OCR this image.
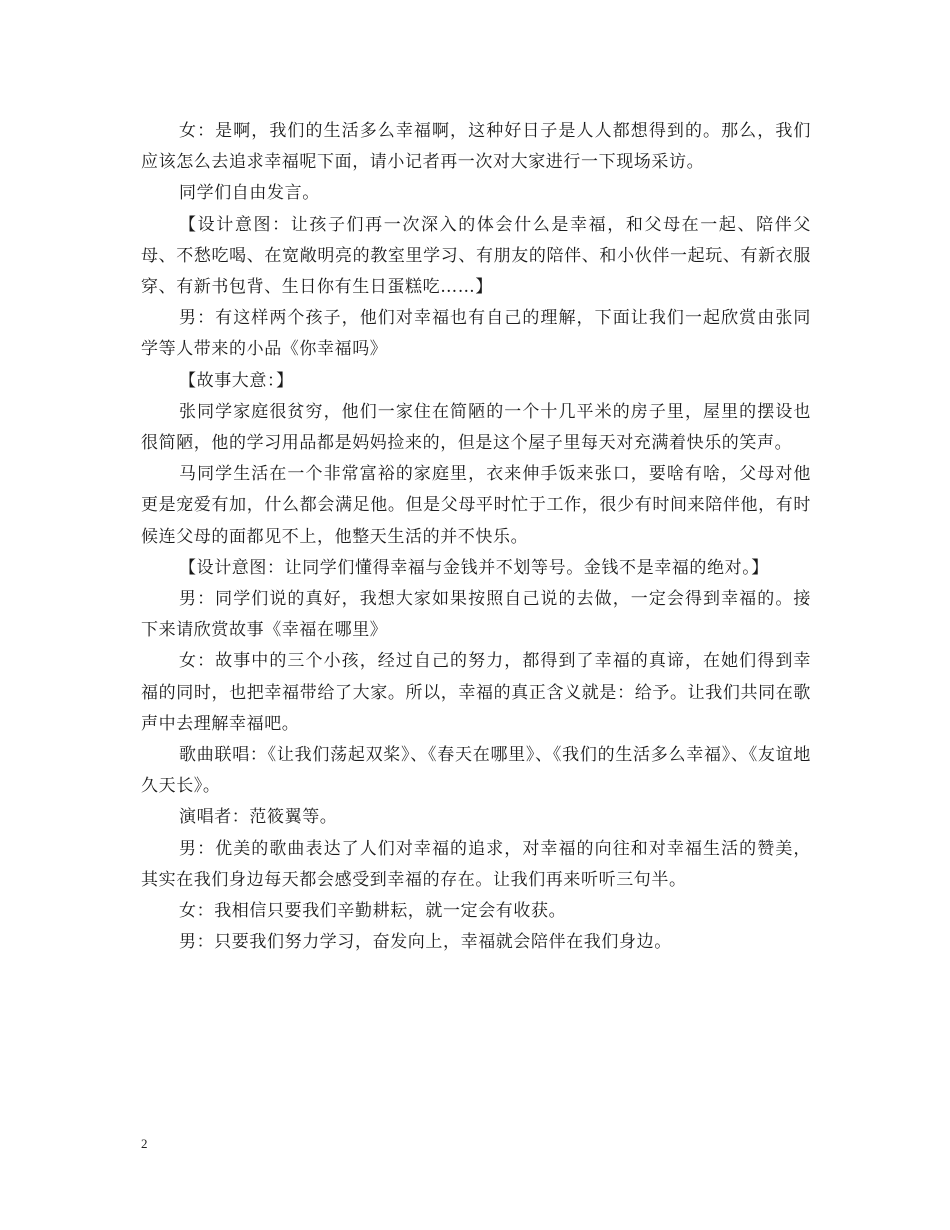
女：是啊，我们的生活多么幸福啊，这种好日子是人人都想得到的。那么，我们应该怎么去追求幸福呢下面，请小记者再一次对大家进行一下现场采访。

同学们自由发言。

【设计意图：让孩子们再一次深入的体会什么是幸福，和父母在一起、陪伴父母、不愁吃喝、在宽敞明亮的教室里学习、有朋友的陪伴、和小伙伴一起玩、有新衣服穿、有新书包背、生日你有生日蛋糕吃……】

男：有这样两个孩子，他们对幸福也有自己的理解，下面让我们一起欣赏由张同学等人带来的小品《你幸福吗》

【故事大意：】

张同学家庭很贫穷，他们一家住在简陋的一个十几平米的房子里，屋里的摆设也很简陋，他的学习用品都是妈妈捡来的，但是这个屋子里每天对充满着快乐的笑声。

马同学生活在一个非常富裕的家庭里，衣来伸手饭来张口，要啥有啥，父母对他更是宠爱有加，什么都会满足他。但是父母平时忙于工作，很少有时间来陪伴他，有时候连父母的面都见不上，他整天生活的并不快乐。

【设计意图：让同学们懂得幸福与金钱并不划等号。金钱不是幸福的绝对。】

男：同学们说的真好，我想大家如果按照自己说的去做，一定会得到幸福的。接下来请欣赏故事《幸福在哪里》

女：故事中的三个小孩，经过自己的努力，都得到了幸福的真谛，在她们得到幸福的同时，也把幸福带给了大家。所以，幸福的真正含义就是：给予。让我们共同在歌声中去理解幸福吧。

歌曲联唱：《让我们荡起双桨》、《春天在哪里》、《我们的生活多么幸福》、《友谊地久天长》。

演唱者：范筱翼等。

男：优美的歌曲表达了人们对幸福的追求，对幸福的向往和对幸福生活的赞美，其实在我们身边每天都会感受到幸福的存在。让我们再来听听三句半。

女：我相信只要我们辛勤耕耘，就一定会有收获。

男：只要我们努力学习，奋发向上，幸福就会陪伴在我们身边。

2
